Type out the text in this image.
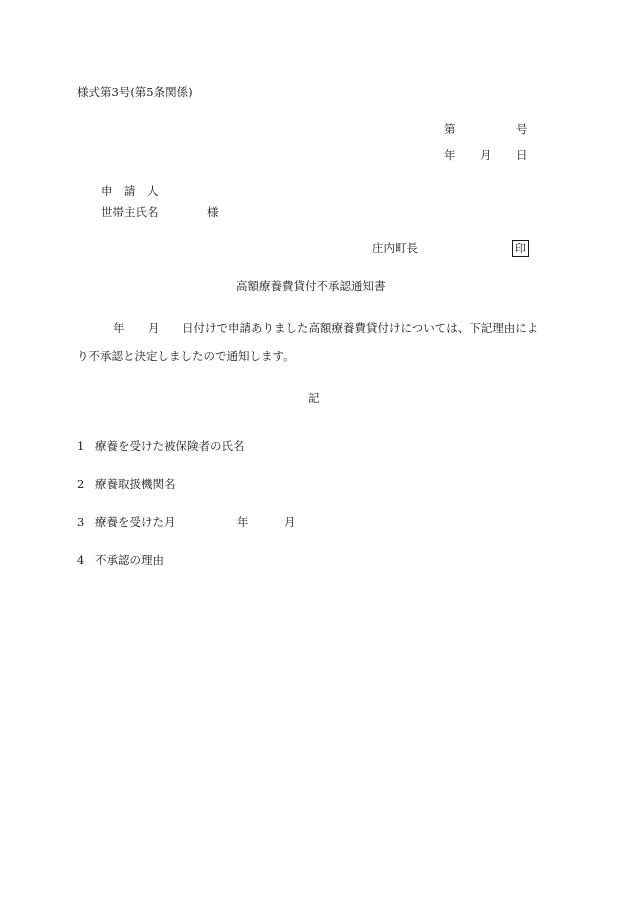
様式第3号(第5条関係)
第	号
年 月 日
申　請　人
世帯主氏名	様
庄内町長	印
高額療養費貸付不承認通知書
年 月 日付けで申請ありました高額療養費貸付けについては、下記理由によ
り不承認と決定しましたので通知します。
記
1 療養を受けた被保険者の氏名
2 療養取扱機関名
3 療養を受けた月	年	月
4 不承認の理由
